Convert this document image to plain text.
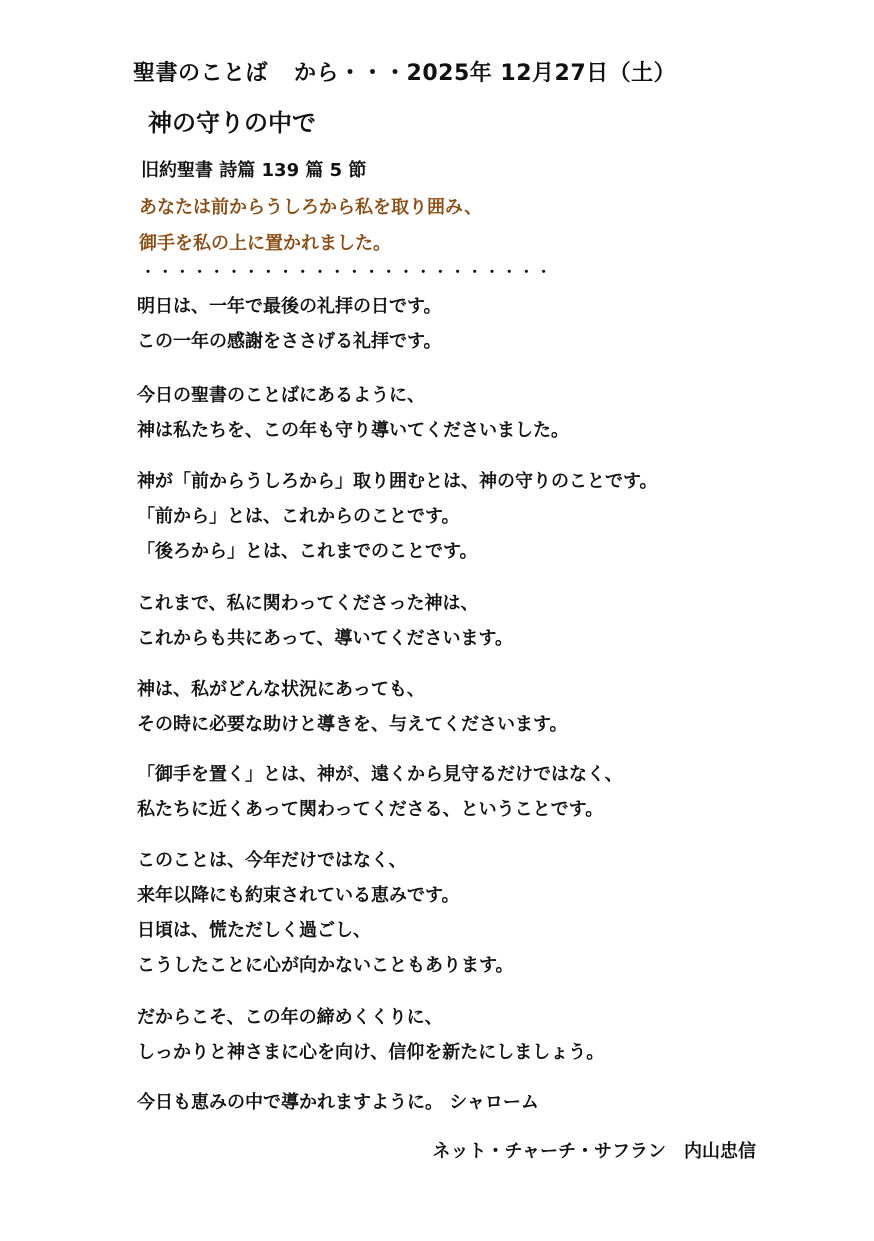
聖書のことば から・・・2025年 12月27日（土）
神の守りの中で
旧約聖書 詩篇 139 篇 5 節
あなたは前からうしろから私を取り囲み、
御手を私の上に置かれました。
・・・・・・・・・・・・・・・・・・・・・・・・
明日は、一年で最後の礼拝の日です。
この一年の感謝をささげる礼拝です。
今日の聖書のことばにあるように、
神は私たちを、この年も守り導いてくださいました。
神が「前からうしろから」取り囲むとは、神の守りのことです。
「前から」とは、これからのことです。
「後ろから」とは、これまでのことです。
これまで、私に関わってくださった神は、
これからも共にあって、導いてくださいます。
神は、私がどんな状況にあっても、
その時に必要な助けと導きを、与えてくださいます。
「御手を置く」とは、神が、遠くから見守るだけではなく、
私たちに近くあって関わってくださる、ということです。
このことは、今年だけではなく、
来年以降にも約束されている恵みです。
日頃は、慌ただしく過ごし、
こうしたことに心が向かないこともあります。
だからこそ、この年の締めくくりに、
しっかりと神さまに心を向け、信仰を新たにしましょう。
今日も恵みの中で導かれますように。 シャローム
ネット・チャーチ・サフラン　内山忠信
